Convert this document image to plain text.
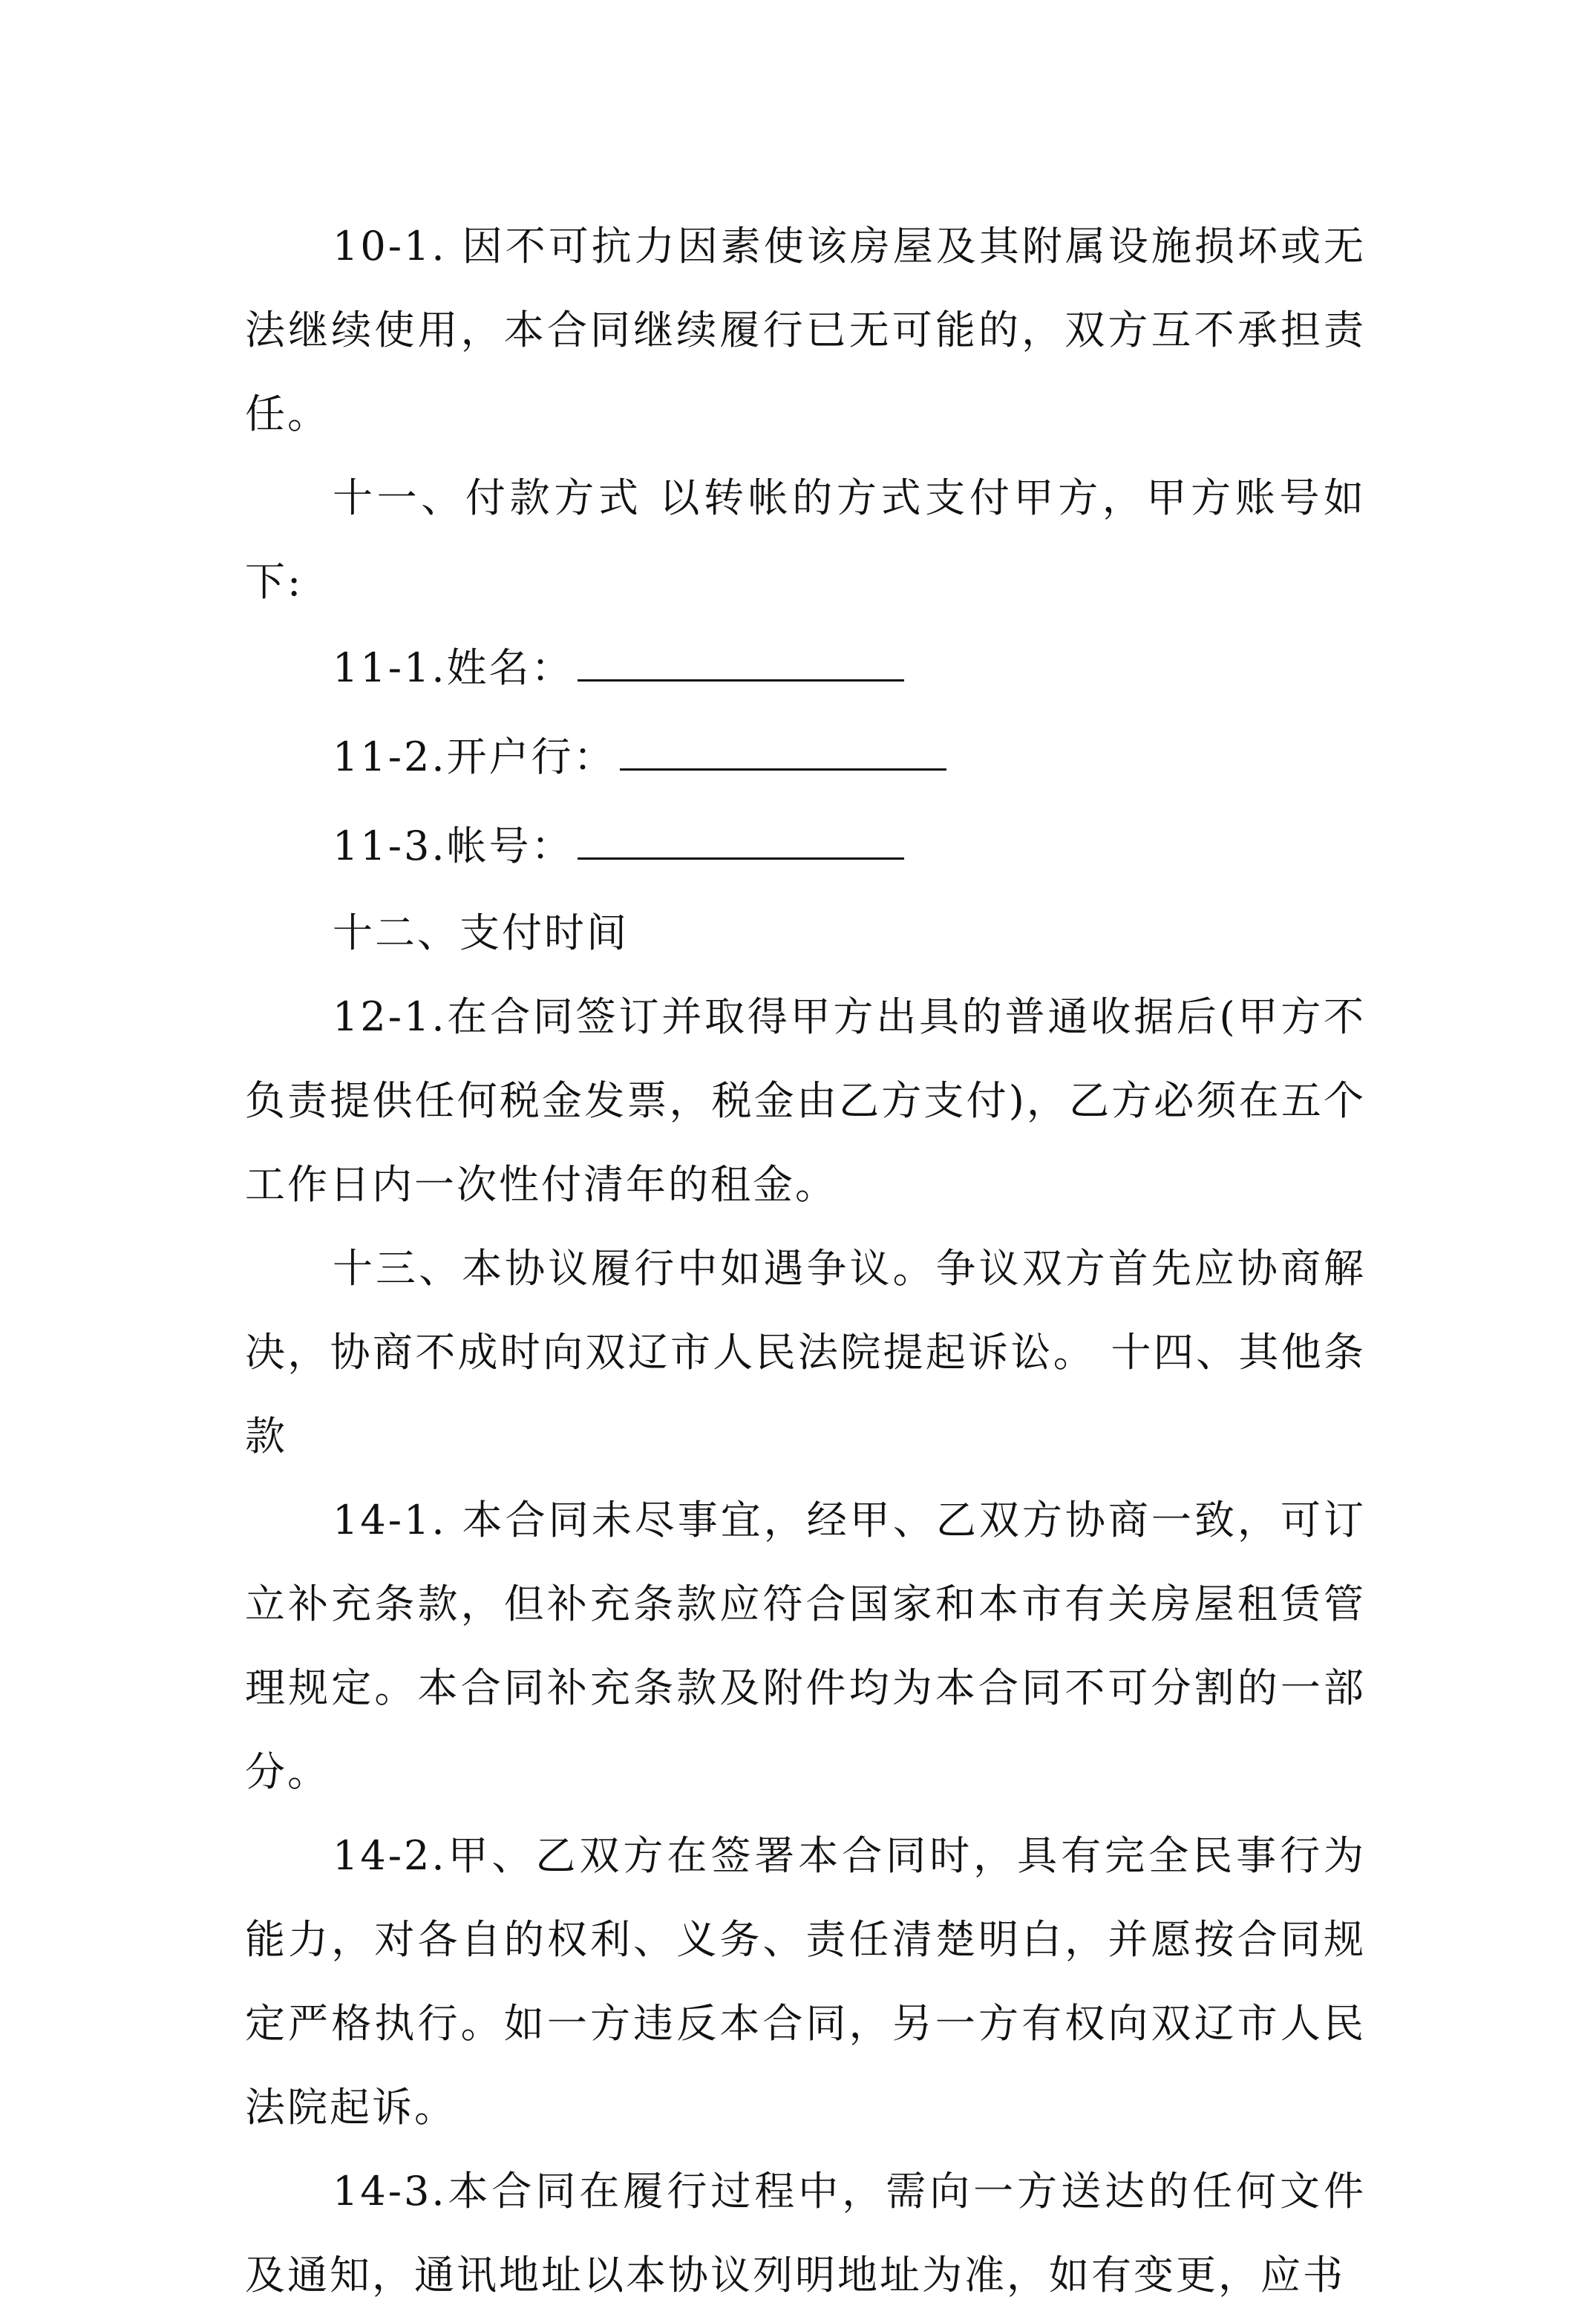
10-1. 因不可抗力因素使该房屋及其附属设施损坏或无法继续使用，本合同继续履行已无可能的，双方互不承担责任。

十一、付款方式 以转帐的方式支付甲方，甲方账号如下:

11-1.姓名：
11-2.开户行：
11-3.帐号：

十二、支付时间

12-1.在合同签订并取得甲方出具的普通收据后(甲方不负责提供任何税金发票，税金由乙方支付)，乙方必须在五个工作日内一次性付清年的租金。

十三、本协议履行中如遇争议。争议双方首先应协商解决，协商不成时向双辽市人民法院提起诉讼。 十四、其他条款

14-1. 本合同未尽事宜，经甲、乙双方协商一致，可订立补充条款，但补充条款应符合国家和本市有关房屋租赁管理规定。本合同补充条款及附件均为本合同不可分割的一部分。

14-2.甲、乙双方在签署本合同时，具有完全民事行为能力，对各自的权利、义务、责任清楚明白，并愿按合同规定严格执行。如一方违反本合同，另一方有权向双辽市人民法院起诉。

14-3.本合同在履行过程中，需向一方送达的任何文件及通知，通讯地址以本协议列明地址为准，如有变更，应书
